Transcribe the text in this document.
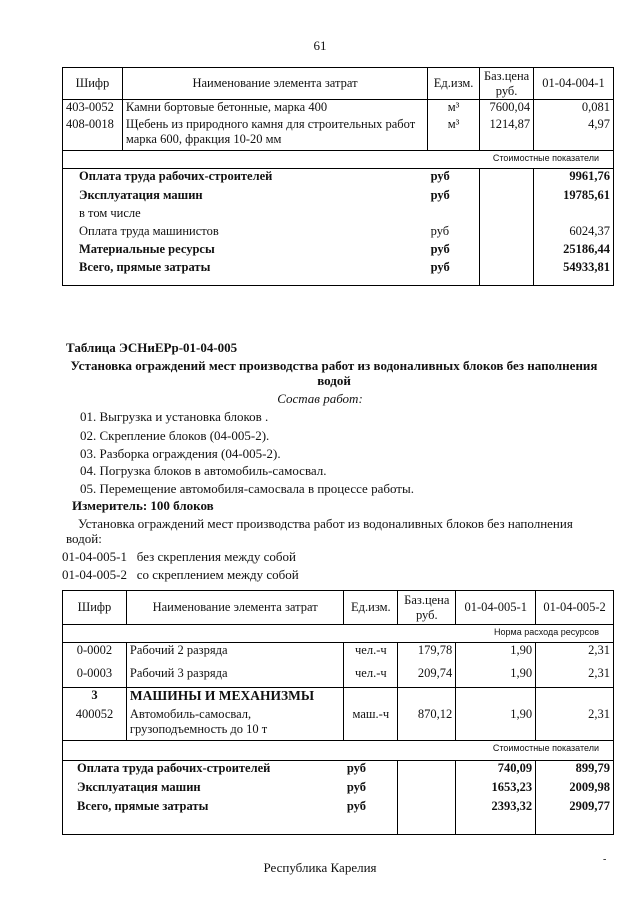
61
Шифр	Наименование элемента затрат	Ед.изм.	Баз.цена руб.	01-04-004-1
403-0052	Камни бортовые бетонные, марка 400	м³	7600,04	0,081
408-0018	Щебень из природного камня для строительных работ марка 600, фракция 10-20 мм	м³	1214,87	4,97
Стоимостные показатели				
Оплата труда рабочих-строителей		руб		9961,76
Эксплуатация машин		руб		19785,61
в том числе				
Оплата труда машинистов		руб		6024,37
Материальные ресурсы		руб		25186,44
Всего, прямые затраты		руб		54933,81
Таблица ЭСНиЕРр-01-04-005
Установка ограждений мест производства работ из водоналивных блоков без наполнения водой
Состав работ:
01. Выгрузка и установка блоков .
02. Скрепление блоков (04-005-2).
03. Разборка ограждения (04-005-2).
04. Погрузка блоков в автомобиль-самосвал.
05. Перемещение автомобиля-самосвала в процессе работы.
Измеритель: 100 блоков
Установка ограждений мест производства работ из водоналивных блоков без наполнения водой:
01-04-005-1 без скрепления между собой
01-04-005-2 со скреплением между собой
Шифр	Наименование элемента затрат	Ед.изм.	Баз.цена руб.	01-04-005-1	01-04-005-2
Норма расхода ресурсов					
0-0002	Рабочий 2 разряда	чел.-ч	179,78	1,90	2,31
0-0003	Рабочий 3 разряда	чел.-ч	209,74	1,90	2,31
3	МАШИНЫ И МЕХАНИЗМЫ				
400052	Автомобиль-самосвал, грузоподъемность до 10 т	маш.-ч	870,12	1,90	2,31
Стоимостные показатели					
Оплата труда рабочих-строителей		руб		740,09	899,79
Эксплуатация машин		руб		1653,23	2009,98
Всего, прямые затраты		руб		2393,32	2909,77
Республика Карелия
-
